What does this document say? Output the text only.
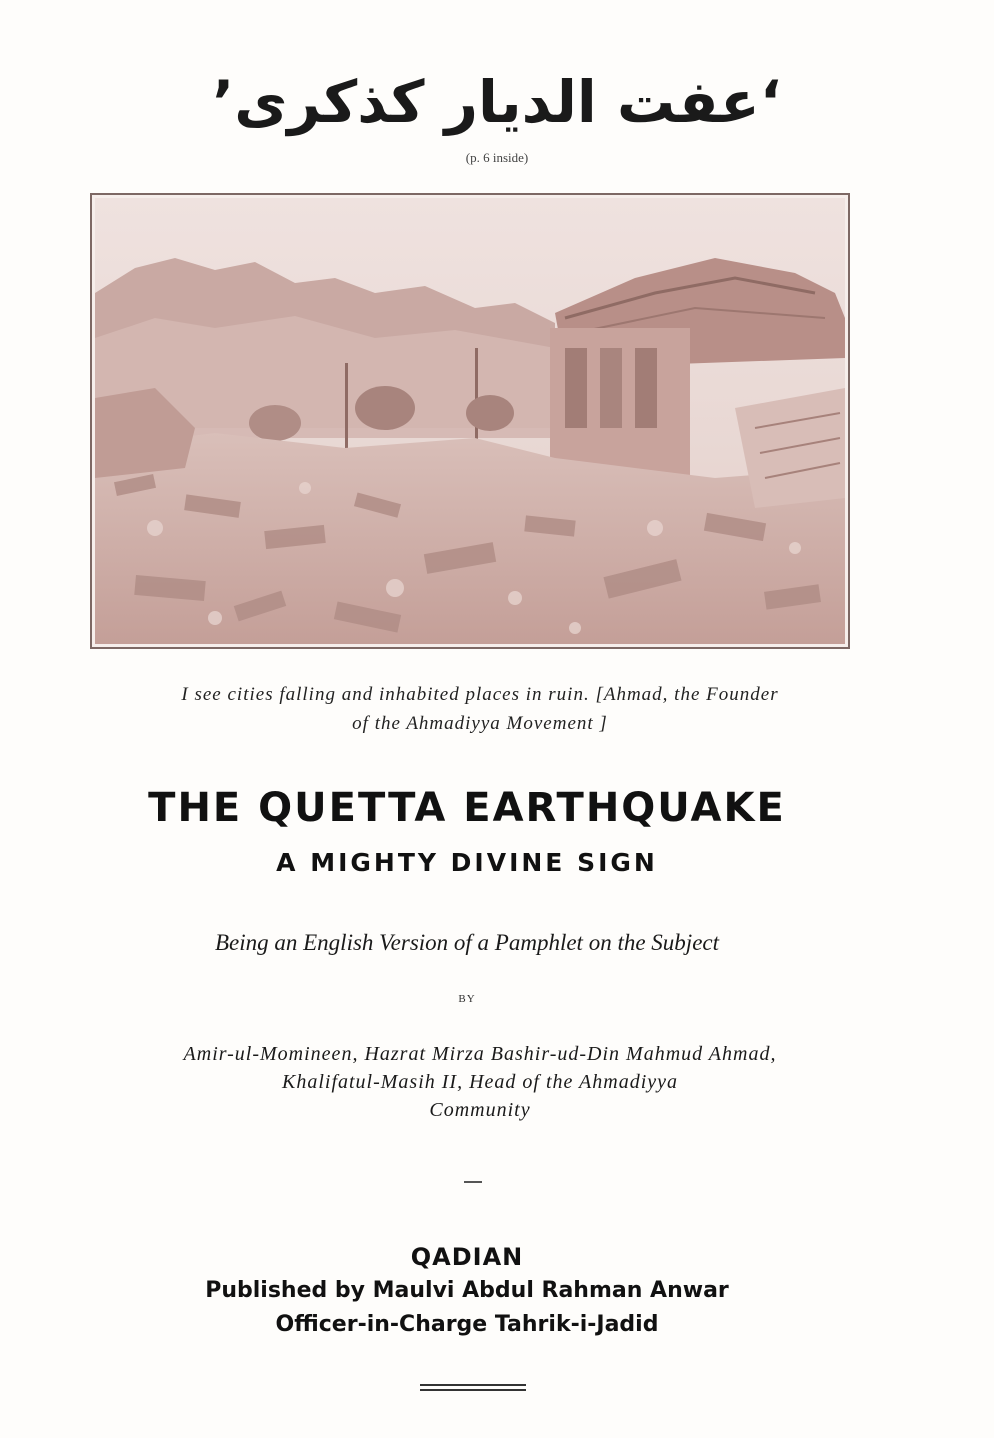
‘عفت الديار كذكرى’
(p. 6 inside)
I see cities falling and inhabited places in ruin. [Ahmad, the Founder
of the Ahmadiyya Movement ]
THE QUETTA EARTHQUAKE
A MIGHTY DIVINE SIGN
Being an English Version of a Pamphlet on the Subject
BY
Amir-ul-Momineen, Hazrat Mirza Bashir-ud-Din Mahmud Ahmad,
Khalifatul-Masih II, Head of the Ahmadiyya
Community
QADIAN
Published by Maulvi Abdul Rahman Anwar
Officer-in-Charge Tahrik-i-Jadid
